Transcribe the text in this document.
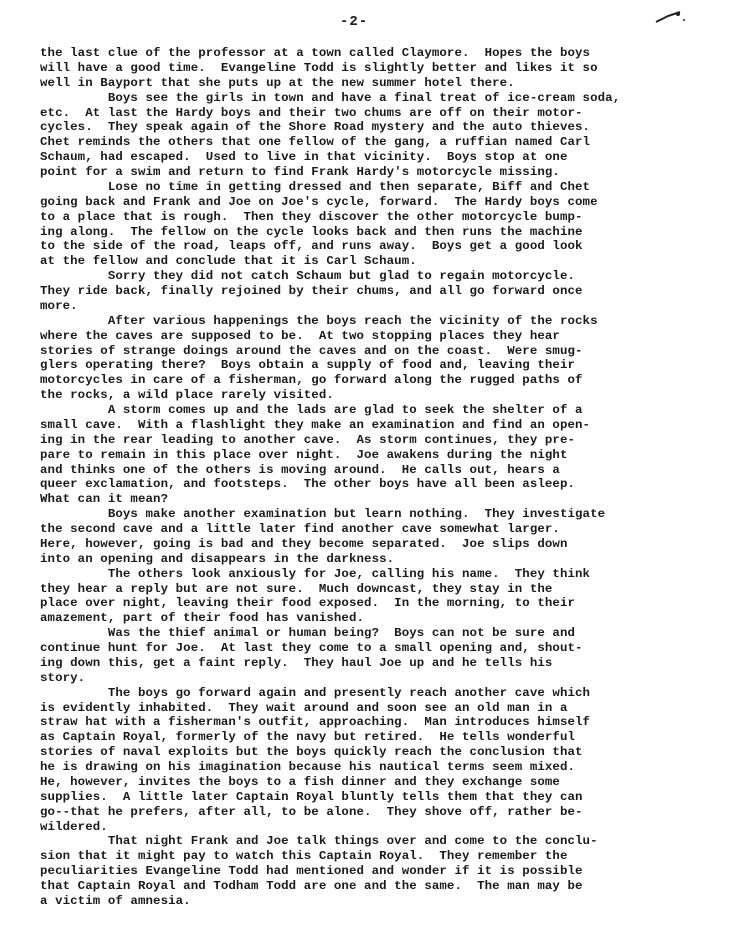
-2-
the last clue of the professor at a town called Claymore.  Hopes the boys
will have a good time.  Evangeline Todd is slightly better and likes it so
well in Bayport that she puts up at the new summer hotel there.
Boys see the girls in town and have a final treat of ice-cream soda,
etc.  At last the Hardy boys and their two chums are off on their motor-
cycles.  They speak again of the Shore Road mystery and the auto thieves.
Chet reminds the others that one fellow of the gang, a ruffian named Carl
Schaum, had escaped.  Used to live in that vicinity.  Boys stop at one
point for a swim and return to find Frank Hardy's motorcycle missing.
Lose no time in getting dressed and then separate, Biff and Chet
going back and Frank and Joe on Joe's cycle, forward.  The Hardy boys come
to a place that is rough.  Then they discover the other motorcycle bump-
ing along.  The fellow on the cycle looks back and then runs the machine
to the side of the road, leaps off, and runs away.  Boys get a good look
at the fellow and conclude that it is Carl Schaum.
Sorry they did not catch Schaum but glad to regain motorcycle.
They ride back, finally rejoined by their chums, and all go forward once
more.
After various happenings the boys reach the vicinity of the rocks
where the caves are supposed to be.  At two stopping places they hear
stories of strange doings around the caves and on the coast.  Were smug-
glers operating there?  Boys obtain a supply of food and, leaving their
motorcycles in care of a fisherman, go forward along the rugged paths of
the rocks, a wild place rarely visited.
A storm comes up and the lads are glad to seek the shelter of a
small cave.  With a flashlight they make an examination and find an open-
ing in the rear leading to another cave.  As storm continues, they pre-
pare to remain in this place over night.  Joe awakens during the night
and thinks one of the others is moving around.  He calls out, hears a
queer exclamation, and footsteps.  The other boys have all been asleep.
What can it mean?
Boys make another examination but learn nothing.  They investigate
the second cave and a little later find another cave somewhat larger.
Here, however, going is bad and they become separated.  Joe slips down
into an opening and disappears in the darkness.
The others look anxiously for Joe, calling his name.  They think
they hear a reply but are not sure.  Much downcast, they stay in the
place over night, leaving their food exposed.  In the morning, to their
amazement, part of their food has vanished.
Was the thief animal or human being?  Boys can not be sure and
continue hunt for Joe.  At last they come to a small opening and, shout-
ing down this, get a faint reply.  They haul Joe up and he tells his
story.
The boys go forward again and presently reach another cave which
is evidently inhabited.  They wait around and soon see an old man in a
straw hat with a fisherman's outfit, approaching.  Man introduces himself
as Captain Royal, formerly of the navy but retired.  He tells wonderful
stories of naval exploits but the boys quickly reach the conclusion that
he is drawing on his imagination because his nautical terms seem mixed.
He, however, invites the boys to a fish dinner and they exchange some
supplies.  A little later Captain Royal bluntly tells them that they can
go--that he prefers, after all, to be alone.  They shove off, rather be-
wildered.
That night Frank and Joe talk things over and come to the conclu-
sion that it might pay to watch this Captain Royal.  They remember the
peculiarities Evangeline Todd had mentioned and wonder if it is possible
that Captain Royal and Todham Todd are one and the same.  The man may be
a victim of amnesia.
